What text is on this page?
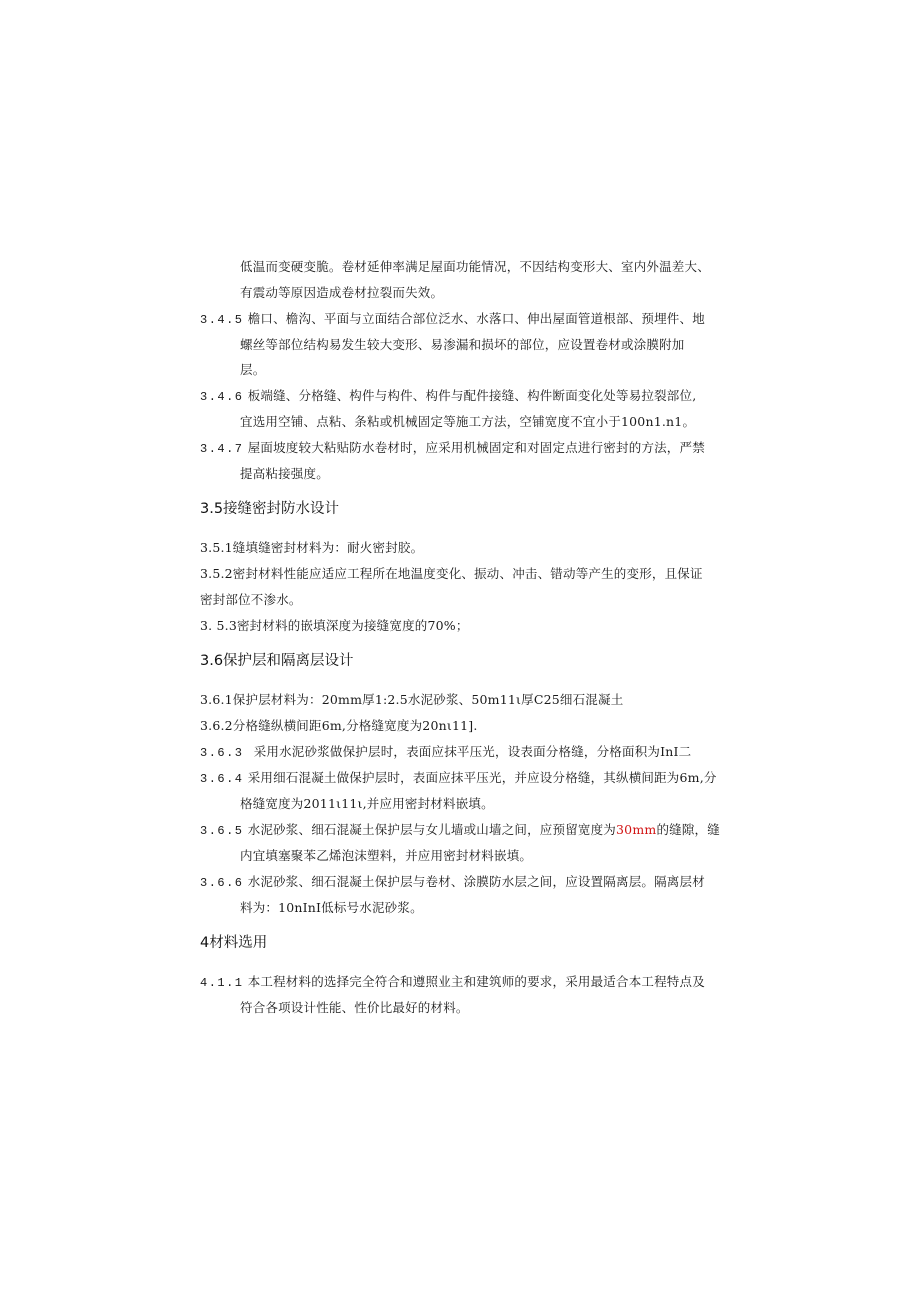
低温而变硬变脆。卷材延伸率满足屋面功能情况，不因结构变形大、室内外温差大、
有震动等原因造成卷材拉裂而失效。
3.4.5 檐口、檐沟、平面与立面结合部位泛水、水落口、伸出屋面管道根部、预埋件、地
螺丝等部位结构易发生较大变形、易渗漏和损坏的部位，应设置卷材或涂膜附加
层。
3.4.6 板端缝、分格缝、构件与构件、构件与配件接缝、构件断面变化处等易拉裂部位,
宜选用空铺、点粘、条粘或机械固定等施工方法，空铺宽度不宜小于100n1.n1。
3.4.7 屋面坡度较大粘贴防水卷材时，应采用机械固定和对固定点进行密封的方法，严禁
提高粘接强度。
3.5接缝密封防水设计
3.5.1缝填缝密封材料为：耐火密封胶。
3.5.2密封材料性能应适应工程所在地温度变化、振动、冲击、错动等产生的变形，且保证
密封部位不渗水。
3. 5.3密封材料的嵌填深度为接缝宽度的70%；
3.6保护层和隔离层设计
3.6.1保护层材料为：20mm厚1:2.5水泥砂浆、50m11ι厚C25细石混凝土
3.6.2分格缝纵横间距6m,分格缝宽度为20nι11].
3.6.3 采用水泥砂浆做保护层时，表面应抹平压光，设表面分格缝，分格面积为InI二
3.6.4 采用细石混凝土做保护层时，表面应抹平压光，并应设分格缝，其纵横间距为6m,分
格缝宽度为2011ι11ι,并应用密封材料嵌填。
3.6.5 水泥砂浆、细石混凝土保护层与女儿墙或山墙之间，应预留宽度为30mm的缝隙，缝
内宜填塞聚苯乙烯泡沫塑料，并应用密封材料嵌填。
3.6.6 水泥砂浆、细石混凝土保护层与卷材、涂膜防水层之间，应设置隔离层。隔离层材
料为：10nInI低标号水泥砂浆。
4材料选用
4.1.1 本工程材料的选择完全符合和遵照业主和建筑师的要求，采用最适合本工程特点及
符合各项设计性能、性价比最好的材料。
